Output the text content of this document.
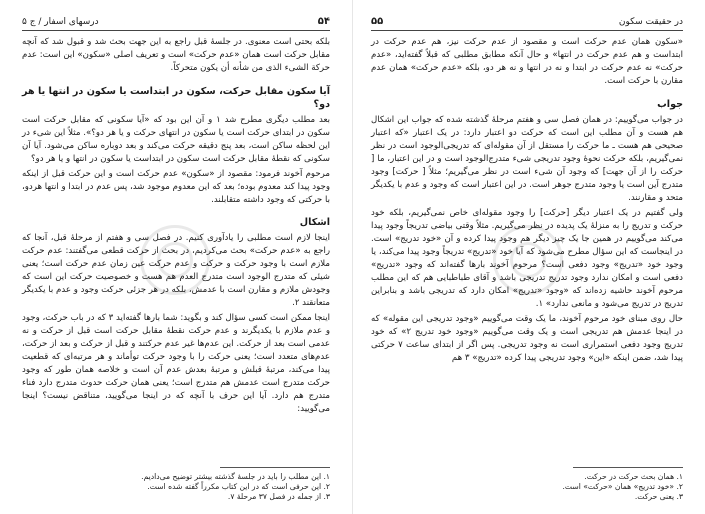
۵۴
درسهای اسفار / ج ۵

بلکه بحتی است معنوی. در جلسهٔ قبل راجع به این جهت بحث شد و قبول شد که آنچه مقابل حرکت است همان «عدم حرکت» است و تعریف اصلی «سکون» این است: عدم حرکة الشیء الذی من شأنه أن یکون متحرکاً.

آیا سکون مقابل حرکت، سکون در ابتداست یا سکون در انتها یا هر دو؟

بعد مطلب دیگری مطرح شد ۱ و آن این بود که «آیا سکونی که مقابل حرکت است سکون در ابتدای حرکت است یا سکون در انتهای حرکت و یا هر دو؟». مثلاً این شیء در این لحظه ساکن است، بعد پنج دقیقه حرکت می‌کند و بعد دوباره ساکن می‌شود. آیا آن سکونی که نقطهٔ مقابل حرکت است سکون در ابتداست یا سکون در انتها و یا هر دو؟

مرحوم آخوند فرمود: مقصود از «سکون» عدم حرکت است و این حرکت قبل از اینکه وجود پیدا کند معدوم بوده؛ بعد که این معدوم موجود شد، پس عدم در ابتدا و انتها هردو، با حرکتی که وجود داشته متقابلند.

اشکال

اینجا لازم است مطلبی را یادآوری کنیم. در فصل سی و هفتم از مرحلهٔ قبل، آنجا که راجع به «عدم حرکت» بحث می‌کردیم، در بحث از حرکت قطعی می‌گفتند: عدم حرکت ملازم است با وجود حرکت و حرکت و عدم حرکت عین زمان عدم حرکت است؛ یعنی شیئی که متدرج الوجود است متدرج العدم هم هست و خصوصیت حرکت این است که وجودش ملازم و مقارن است با عدمش، بلکه در هر جزئی حرکت وجود و عدم با یکدیگر متعانقند ۲.

اینجا ممکن است کسی سؤال کند و بگوید: شما بارها گفته‌اید ۳ که در باب حرکت، وجود و عدم ملازم با یکدیگرند و عدم حرکت نقطهٔ مقابل حرکت است قبل از حرکت و نه عدمی است بعد از حرکت. این عدم‌ها غیر عدم حرکتند و قبل از حرکت و بعد از حرکت، عدم‌های متعدد است؛ یعنی حرکت را با وجود حرکت توأماند و هر مرتبه‌ای که قطعیت پیدا می‌کند، مرتبهٔ قبلش و مرتبهٔ بعدش عدم آن است و خلاصه همان طور که وجود حرکت متدرج است عدمش هم متدرج است؛ یعنی همان حرکت حدوث متدرج دارد فناء متدرج هم دارد. آیا این حرف با آنچه که در اینجا می‌گویید، متناقض نیست؟ اینجا می‌گویید:

۱. این مطلب را باید در جلسهٔ گذشته بیشتر توضیح می‌دادیم.

۲. این حرفی است که در این کتاب مکرراً گفته شده است.

۳. از جمله در فصل ۳۷ مرحلهٔ ۷.

در حقیقت سکون
۵۵

«سکون همان عدم حرکت است و مقصود از عدم حرکت نیز، هم عدم حرکت در ابتداست و هم عدم حرکت در انتها» و حال آنکه مطابق مطلبی که قبلاً گفته‌اید، «عدم حرکت» نه عدم حرکت در ابتدا و نه در انتها و نه هر دو، بلکه «عدم حرکت» همان عدم مقارن با حرکت است.

جواب

در جواب می‌گوییم: در همان فصل سی و هفتم مرحلهٔ گذشته شده که جواب این اشکال هم هست و آن مطلب این است که حرکت دو اعتبار دارد: در یک اعتبار «که اعتبار صحیحی هم هست ـ ما حرکت را مستقل از آن مقوله‌ای که تدریجی‌الوجود است در نظر نمی‌گیریم، بلکه حرکت نحوهٔ وجود تدریجی شیء متدرج‌الوجود است و در این اعتبار، ما [ حرکت را از آن جهت] که وجود آن شیء است در نظر می‌گیریم؛ مثلاً [ حرکت] وجود متدرج آین است یا وجود متدرج جوهر است. در این اعتبار است که وجود و عدم با یکدیگر متحد و مقارنند.

ولی گفتیم در یک اعتبار دیگر [حرکت] را وجود مقوله‌ای خاص نمی‌گیریم، بلکه خود حرکت و تدریج را به منزلهٔ یک پدیده در نظر می‌گیریم. مثلاً وقتی بیاضی تدریجاً وجود پیدا می‌کند می‌گوییم در همین جا یک چیز دیگر هم وجود پیدا کرده و آن «خود تدریج» است. در اینجاست که این سؤال مطرح می‌شود که آیا خود «تدریج» تدریجاً وجود پیدا می‌کند، یا وجود خود «تدریج» وجود دفعی است؟ مرحوم آخوند بارها گفته‌اند که وجود «تدریج» دفعی است و امکان ندارد وجود تدریج تدریجی باشد و آقای طباطبایی هم که این مطلب مرحوم آخوند حاشیه زده‌اند که «وجود «تدریج» امکان دارد که تدریجی باشد و بنابراین تدریج در تدریج می‌شود و مانعی ندارد» ۱.

حال روی مبنای خود مرحوم آخوند، ما یک وقت می‌گوییم «وجود تدریجی این مقوله» که در اینجا عدمش هم تدریجی است و یک وقت می‌گوییم «وجود خود تدریج ۲» که خود تدریج وجود دفعی استمراری است نه وجود تدریجی. پس اگر از ابتدای ساعت ۷ حرکتی پیدا شد، ضمن اینکه «این» وجود تدریجی پیدا کرده «تدریج» ۳ هم

۱. همان بحث حرکت در حرکت.

۲. «خود تدریج» همان «حرکت» است.

۳. یعنی حرکت.
